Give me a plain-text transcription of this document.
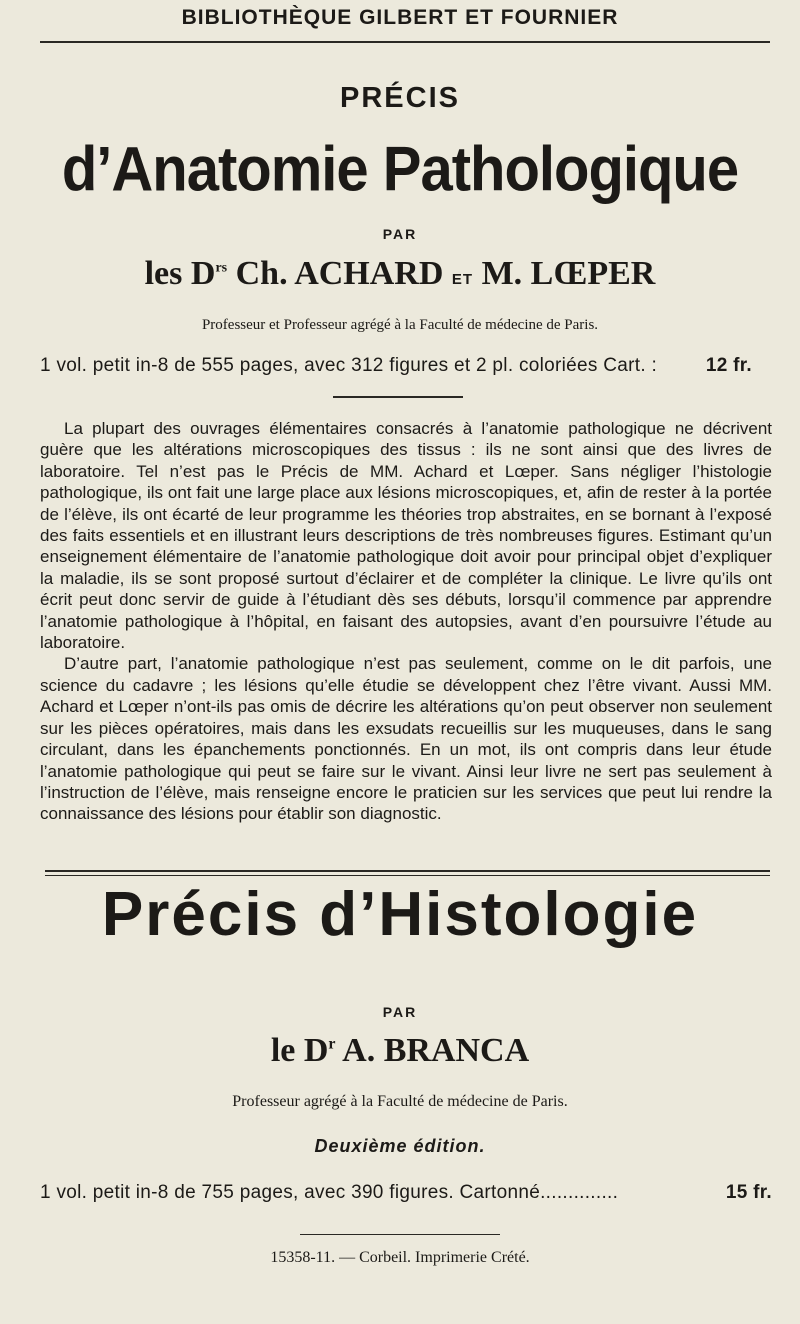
BIBLIOTHÈQUE GILBERT ET FOURNIER
PRÉCIS
d’Anatomie Pathologique
PAR
les $D^{rs}$ Ch. ACHARD ET M. LŒPER
Professeur et Professeur agrégé à la Faculté de médecine de Paris.
1 vol. petit in-8 de 555 pages, avec 312 figures et 2 pl. coloriées Cart. :	12 fr.

La plupart des ouvrages élémentaires consacrés à l’anatomie pathologique ne décrivent guère que les altérations microscopiques des tissus : ils ne sont ainsi que des livres de laboratoire. Tel n’est pas le Précis de MM. Achard et Lœper. Sans négliger l’histologie pathologique, ils ont fait une large place aux lésions microscopiques, et, afin de rester à la portée de l’élève, ils ont écarté de leur programme les théories trop abstraites, en se bornant à l’exposé des faits essentiels et en illustrant leurs descriptions de très nombreuses figures. Estimant qu’un enseignement élémentaire de l’anatomie pathologique doit avoir pour principal objet d’expliquer la maladie, ils se sont proposé surtout d’éclairer et de compléter la clinique. Le livre qu’ils ont écrit peut donc servir de guide à l’étudiant dès ses débuts, lorsqu’il commence par apprendre l’anatomie pathologique à l’hôpital, en faisant des autopsies, avant d’en poursuivre l’étude au laboratoire.

D’autre part, l’anatomie pathologique n’est pas seulement, comme on le dit parfois, une science du cadavre ; les lésions qu’elle étudie se développent chez l’être vivant. Aussi MM. Achard et Lœper n’ont-ils pas omis de décrire les altérations qu’on peut observer non seulement sur les pièces opératoires, mais dans les exsudats recueillis sur les muqueuses, dans le sang circulant, dans les épanchements ponctionnés. En un mot, ils ont compris dans leur étude l’anatomie pathologique qui peut se faire sur le vivant. Ainsi leur livre ne sert pas seulement à l’instruction de l’élève, mais renseigne encore le praticien sur les services que peut lui rendre la connaissance des lésions pour établir son diagnostic.

Précis d’Histologie
PAR
le $D^r$ A. BRANCA
Professeur agrégé à la Faculté de médecine de Paris.
Deuxième édition.
1 vol. petit in-8 de 755 pages, avec 390 figures. Cartonné..............	15 fr.
15358-11. — Corbeil. Imprimerie Crété.
